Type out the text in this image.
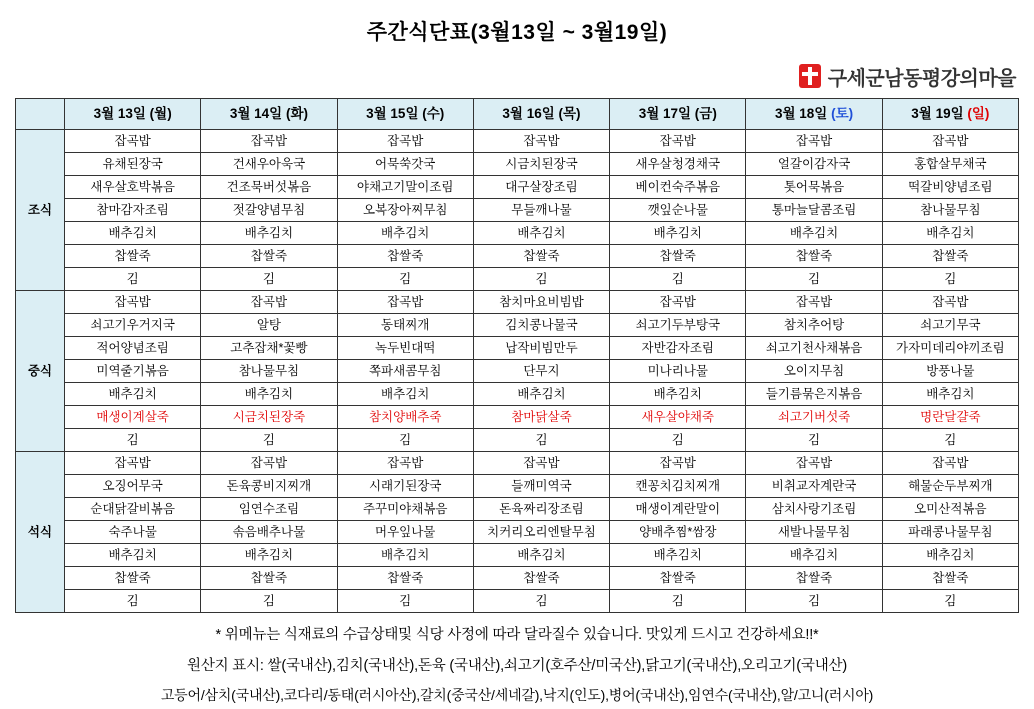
주간식단표(3월13일 ~ 3월19일)
구세군남동평강의마을
	3월 13일 (월)	3월 14일 (화)	3월 15일 (수)	3월 16일 (목)	3월 17일 (금)	3월 18일 (토)	3월 19일 (일)
조식	잡곡밥	잡곡밥	잡곡밥	잡곡밥	잡곡밥	잡곡밥	잡곡밥
	유채된장국	건새우아욱국	어묵쑥갓국	시금치된장국	새우살청경채국	얼갈이감자국	홍합살무채국
	새우살호박볶음	건조묵버섯볶음	야채고기말이조림	대구살장조림	베이컨숙주볶음	톳어묵볶음	떡갈비양념조림
	참마감자조림	젓갈양념무침	오복장아찌무침	무들깨나물	깻잎순나물	통마늘달콤조림	참나물무침
	배추김치	배추김치	배추김치	배추김치	배추김치	배추김치	배추김치
	찹쌀죽	찹쌀죽	찹쌀죽	찹쌀죽	찹쌀죽	찹쌀죽	찹쌀죽
	김	김	김	김	김	김	김
중식	잡곡밥	잡곡밥	잡곡밥	참치마요비빔밥	잡곡밥	잡곡밥	잡곡밥
	쇠고기우거지국	알탕	동태찌개	김치콩나물국	쇠고기두부탕국	참치추어탕	쇠고기무국
	적어양념조림	고추잡채*꽃빵	녹두빈대떡	납작비빔만두	자반감자조림	쇠고기천사채볶음	가자미데리야끼조림
	미역줄기볶음	참나물무침	쪽파새콤무침	단무지	미나리나물	오이지무침	방풍나물
	배추김치	배추김치	배추김치	배추김치	배추김치	들기름묶은지볶음	배추김치
	매생이계살죽	시금치된장죽	참치양배추죽	참마닭살죽	새우살야채죽	쇠고기버섯죽	명란달걀죽
	김	김	김	김	김	김	김
석식	잡곡밥	잡곡밥	잡곡밥	잡곡밥	잡곡밥	잡곡밥	잡곡밥
	오징어무국	돈육콩비지찌개	시래기된장국	들깨미역국	캔꽁치김치찌개	비취교자계란국	해물순두부찌개
	순대닭갈비볶음	임연수조림	주꾸미야채볶음	돈육짜리장조림	매생이계란말이	삼치사랑기조림	오미산적볶음
	숙주나물	솎음배추나물	머우잎나물	치커리오리엔탈무침	양배추찜*쌈장	새발나물무침	파래콩나물무침
	배추김치	배추김치	배추김치	배추김치	배추김치	배추김치	배추김치
	찹쌀죽	찹쌀죽	찹쌀죽	찹쌀죽	찹쌀죽	찹쌀죽	찹쌀죽
	김	김	김	김	김	김	김
* 위메뉴는 식재료의 수급상태및 식당 사정에 따라 달라질수 있습니다. 맛있게 드시고 건강하세요!!*
원산지 표시: 쌀(국내산),김치(국내산),돈육 (국내산),쇠고기(호주산/미국산),닭고기(국내산),오리고기(국내산)
고등어/삼치(국내산),코다리/동태(러시아산),갈치(중국산/세네갈),낙지(인도),병어(국내산),임연수(국내산),알/고니(러시아)
